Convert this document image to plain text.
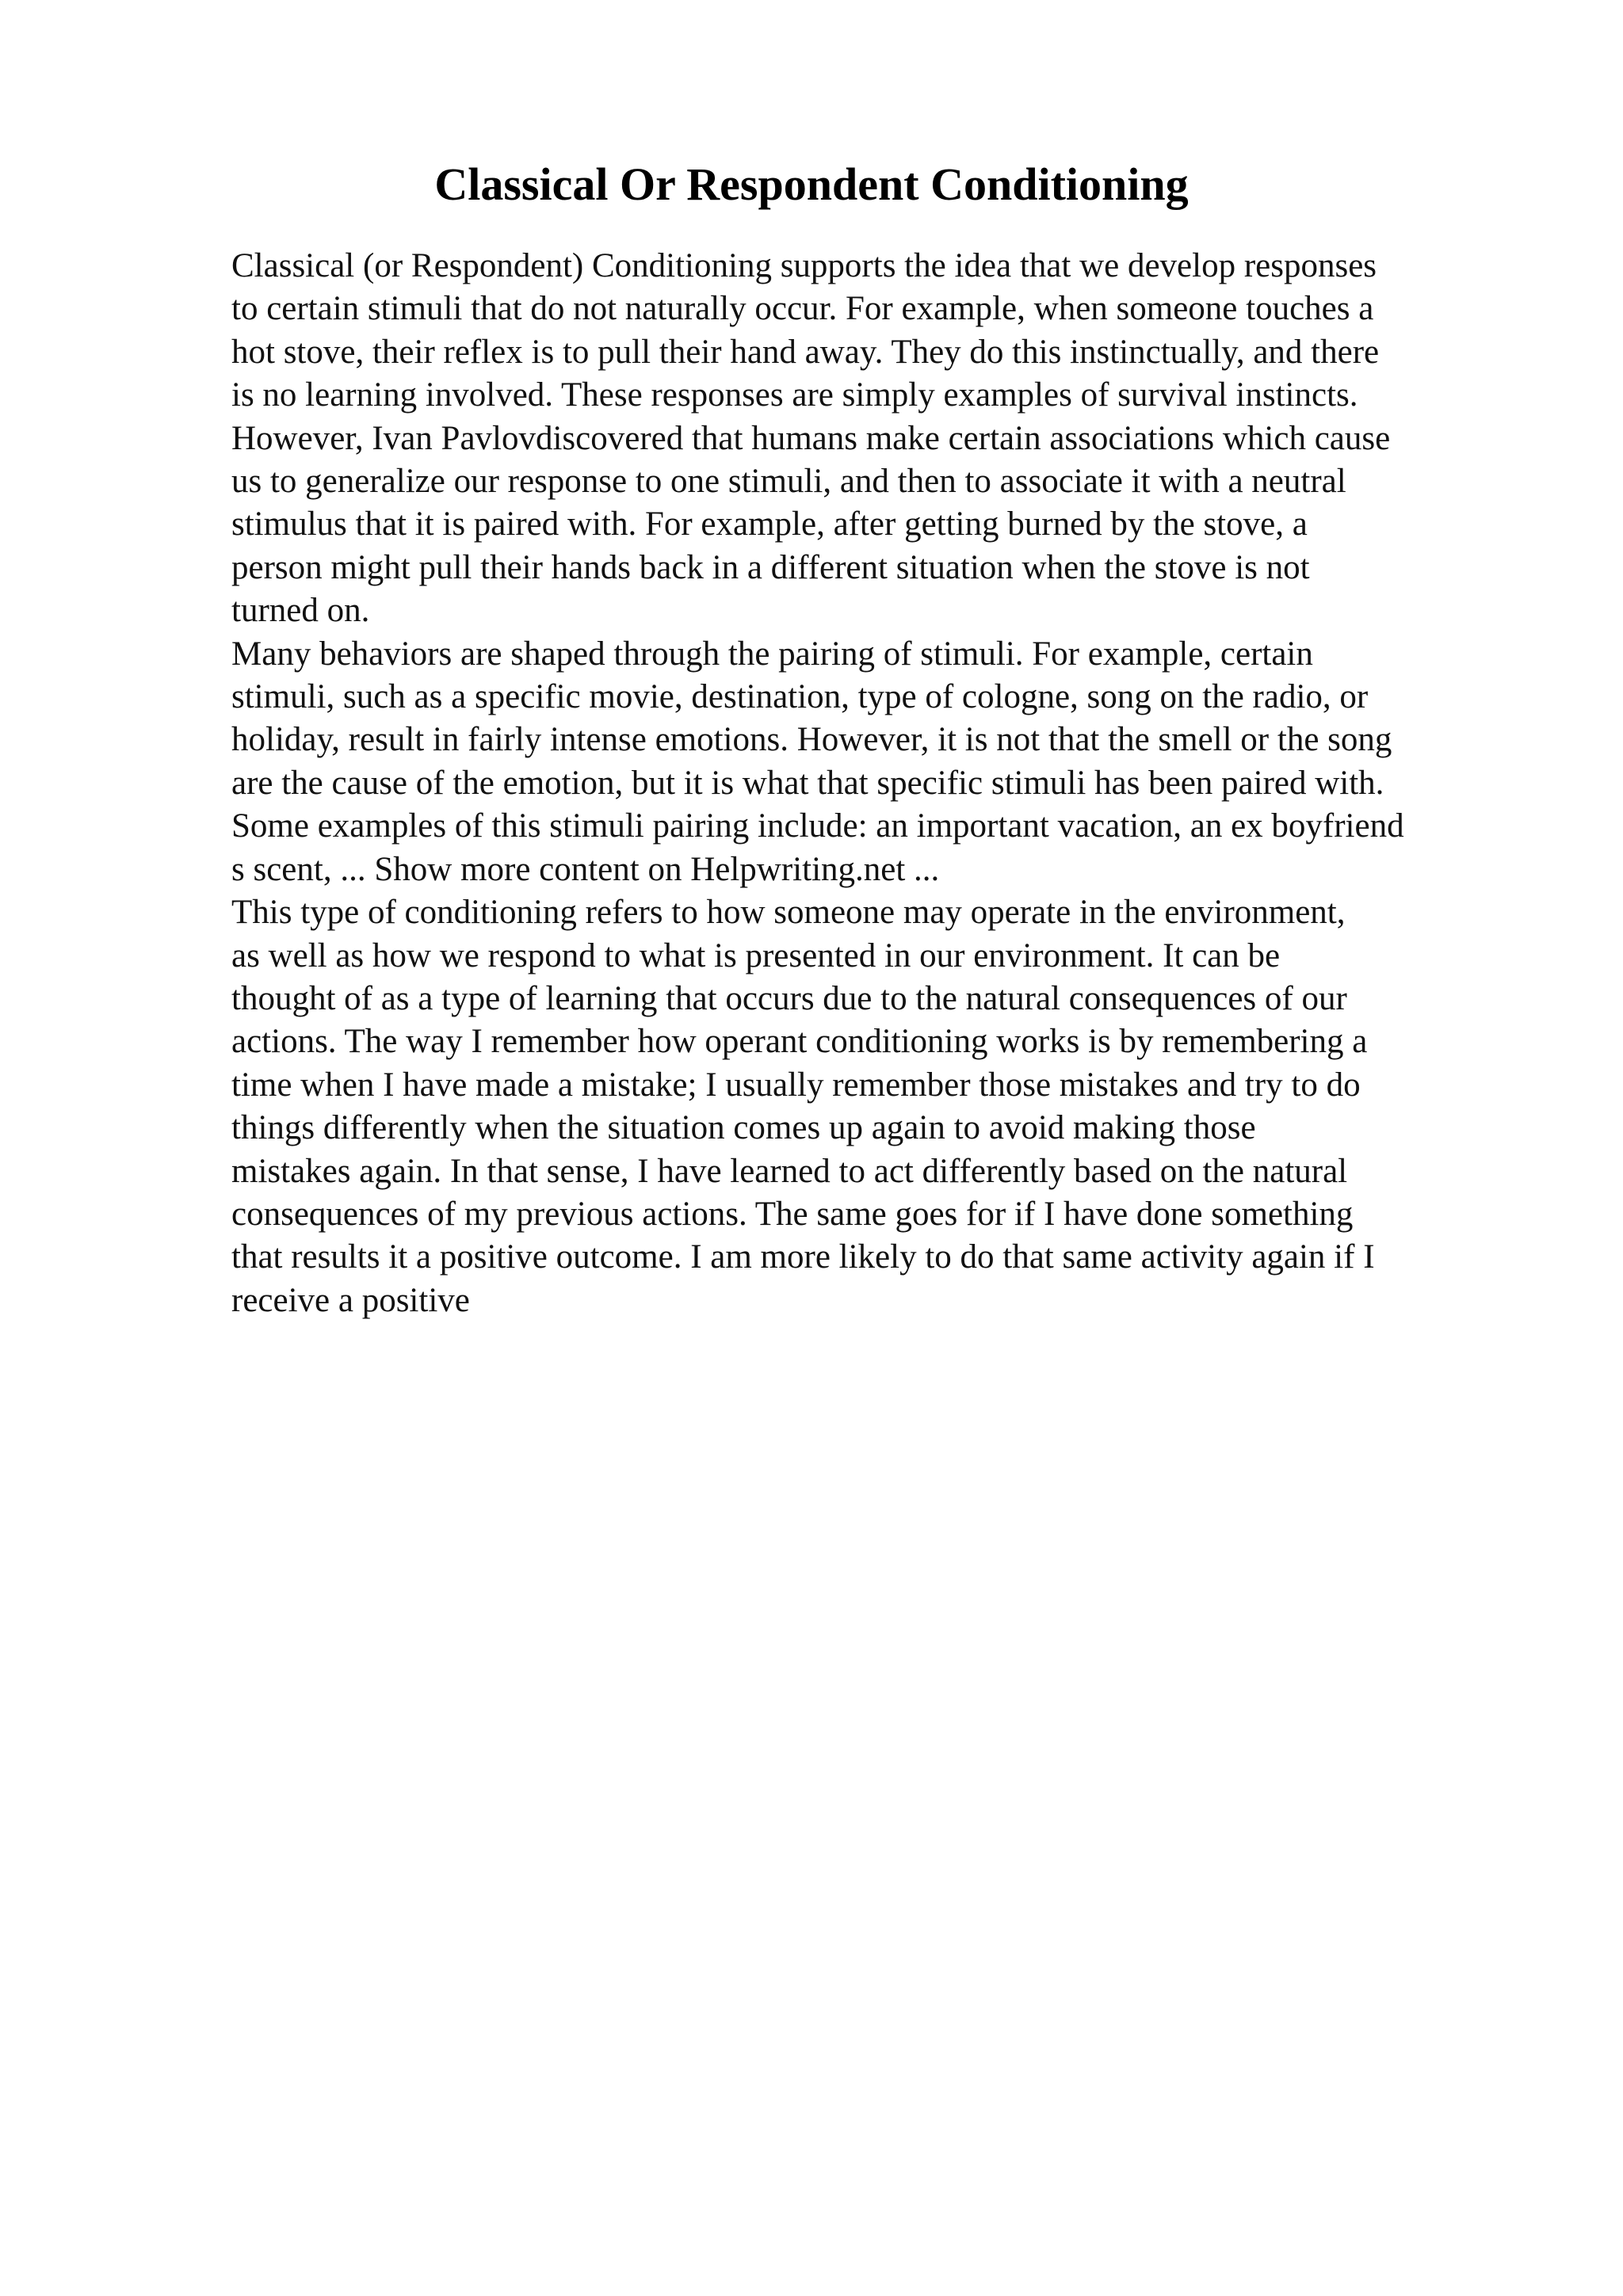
Classical Or Respondent Conditioning
Classical (or Respondent) Conditioning supports the idea that we develop responses
to certain stimuli that do not naturally occur. For example, when someone touches a
hot stove, their reflex is to pull their hand away. They do this instinctually, and there
is no learning involved. These responses are simply examples of survival instincts.
However, Ivan Pavlovdiscovered that humans make certain associations which cause
us to generalize our response to one stimuli, and then to associate it with a neutral
stimulus that it is paired with. For example, after getting burned by the stove, a
person might pull their hands back in a different situation when the stove is not
turned on.
Many behaviors are shaped through the pairing of stimuli. For example, certain
stimuli, such as a specific movie, destination, type of cologne, song on the radio, or
holiday, result in fairly intense emotions. However, it is not that the smell or the song
are the cause of the emotion, but it is what that specific stimuli has been paired with.
Some examples of this stimuli pairing include: an important vacation, an ex boyfriend
s scent, ... Show more content on Helpwriting.net ...
This type of conditioning refers to how someone may operate in the environment,
as well as how we respond to what is presented in our environment. It can be
thought of as a type of learning that occurs due to the natural consequences of our
actions. The way I remember how operant conditioning works is by remembering a
time when I have made a mistake; I usually remember those mistakes and try to do
things differently when the situation comes up again to avoid making those
mistakes again. In that sense, I have learned to act differently based on the natural
consequences of my previous actions. The same goes for if I have done something
that results it a positive outcome. I am more likely to do that same activity again if I
receive a positive
